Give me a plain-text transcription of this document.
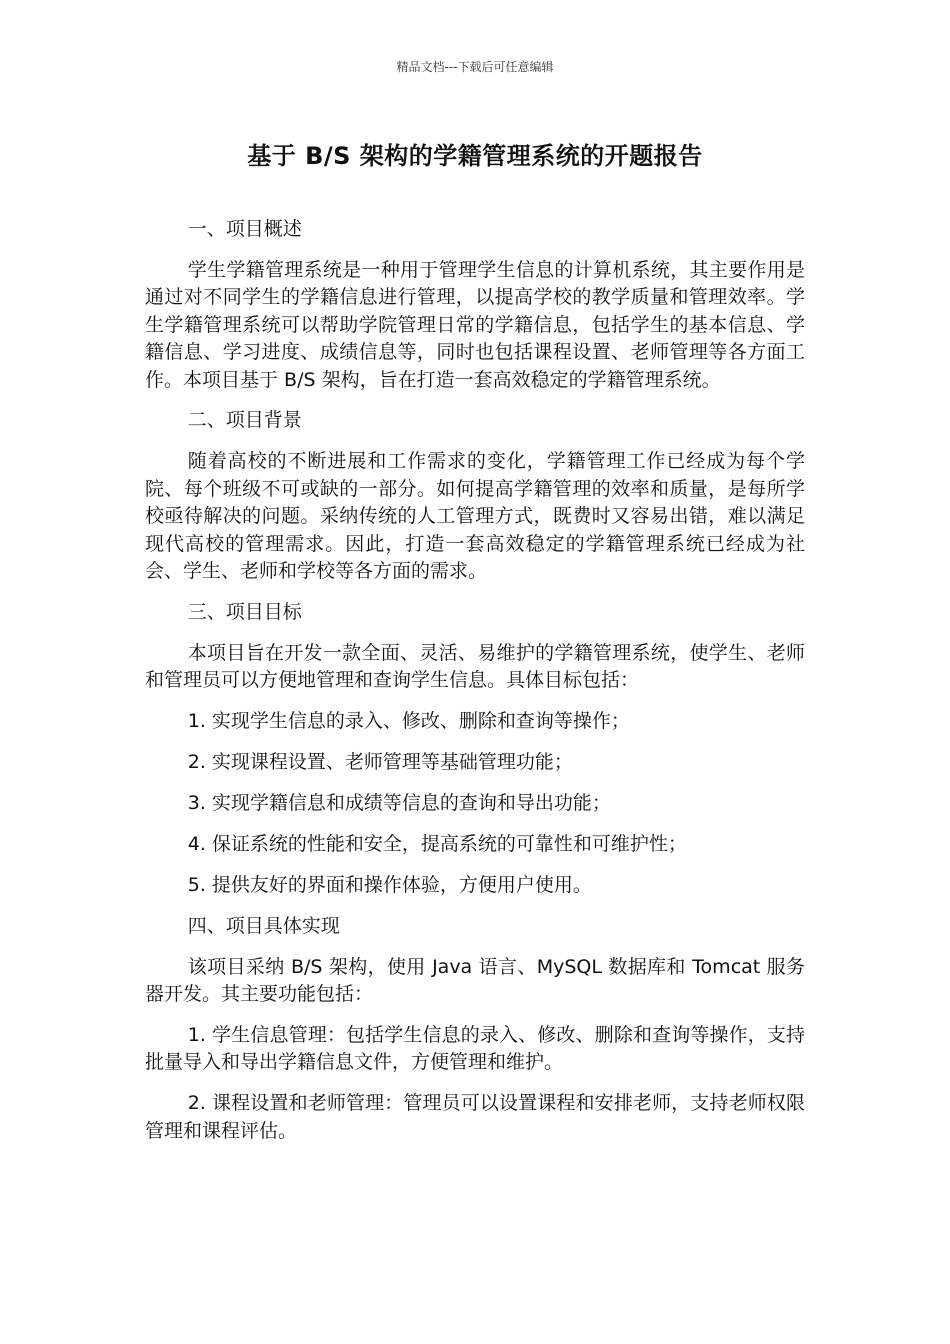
精品文档---下载后可任意编辑
基于 B/S 架构的学籍管理系统的开题报告

一、项目概述

学生学籍管理系统是一种用于管理学生信息的计算机系统，其主要作用是通过对不同学生的学籍信息进行管理，以提高学校的教学质量和管理效率。学生学籍管理系统可以帮助学院管理日常的学籍信息，包括学生的基本信息、学籍信息、学习进度、成绩信息等，同时也包括课程设置、老师管理等各方面工作。本项目基于 B/S 架构，旨在打造一套高效稳定的学籍管理系统。

二、项目背景

随着高校的不断进展和工作需求的变化，学籍管理工作已经成为每个学院、每个班级不可或缺的一部分。如何提高学籍管理的效率和质量，是每所学校亟待解决的问题。采纳传统的人工管理方式，既费时又容易出错，难以满足现代高校的管理需求。因此，打造一套高效稳定的学籍管理系统已经成为社会、学生、老师和学校等各方面的需求。

三、项目目标

本项目旨在开发一款全面、灵活、易维护的学籍管理系统，使学生、老师和管理员可以方便地管理和查询学生信息。具体目标包括：

1. 实现学生信息的录入、修改、删除和查询等操作；

2. 实现课程设置、老师管理等基础管理功能；

3. 实现学籍信息和成绩等信息的查询和导出功能；

4. 保证系统的性能和安全，提高系统的可靠性和可维护性；

5. 提供友好的界面和操作体验，方便用户使用。

四、项目具体实现

该项目采纳 B/S 架构，使用 Java 语言、MySQL 数据库和 Tomcat 服务器开发。其主要功能包括：

1. 学生信息管理：包括学生信息的录入、修改、删除和查询等操作，支持批量导入和导出学籍信息文件，方便管理和维护。

2. 课程设置和老师管理：管理员可以设置课程和安排老师，支持老师权限管理和课程评估。
